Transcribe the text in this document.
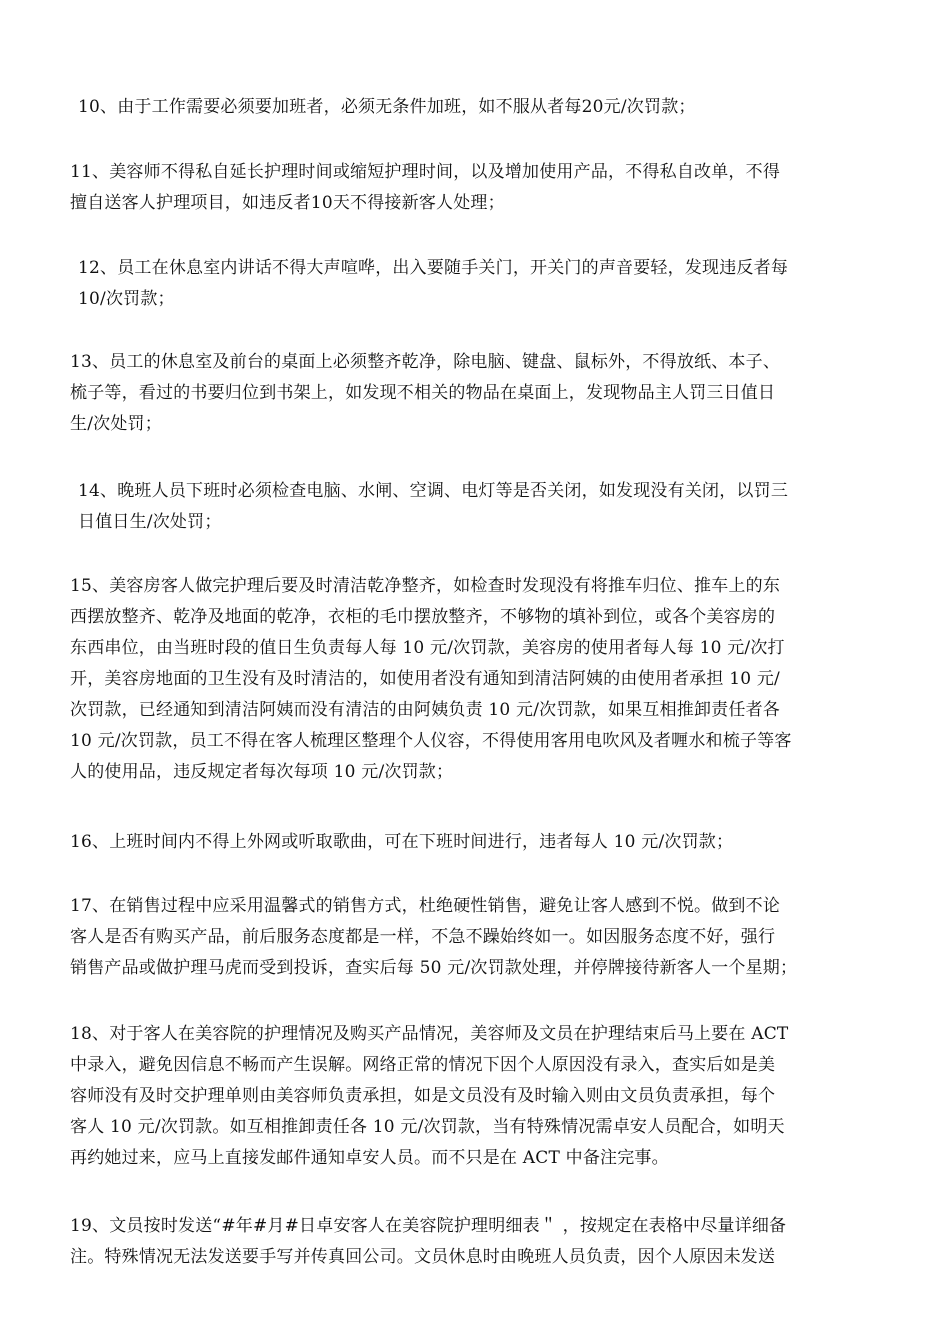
10、由于工作需要必须要加班者，必须无条件加班，如不服从者每20元/次罚款；
11、美容师不得私自延长护理时间或缩短护理时间，以及增加使用产品，不得私自改单，不得
擅自送客人护理项目，如违反者10天不得接新客人处理；
12、员工在休息室内讲话不得大声喧哗，出入要随手关门，开关门的声音要轻，发现违反者每
10/次罚款；
13、员工的休息室及前台的桌面上必须整齐乾净，除电脑、键盘、鼠标外，不得放纸、本子、
梳子等，看过的书要归位到书架上，如发现不相关的物品在桌面上，发现物品主人罚三日值日
生/次处罚；
14、晚班人员下班时必须检查电脑、水闸、空调、电灯等是否关闭，如发现没有关闭，以罚三
日值日生/次处罚；
15、美容房客人做完护理后要及时清洁乾净整齐，如检查时发现没有将推车归位、推车上的东
西摆放整齐、乾净及地面的乾净，衣柜的毛巾摆放整齐，不够物的填补到位，或各个美容房的
东西串位，由当班时段的值日生负责每人每 10 元/次罚款，美容房的使用者每人每 10 元/次打
开，美容房地面的卫生没有及时清洁的，如使用者没有通知到清洁阿姨的由使用者承担 10 元/
次罚款，已经通知到清洁阿姨而没有清洁的由阿姨负责 10 元/次罚款，如果互相推卸责任者各
10 元/次罚款，员工不得在客人梳理区整理个人仪容，不得使用客用电吹风及者喱水和梳子等客
人的使用品，违反规定者每次每项 10 元/次罚款；
16、上班时间内不得上外网或听取歌曲，可在下班时间进行，违者每人 10 元/次罚款；
17、在销售过程中应采用温馨式的销售方式，杜绝硬性销售，避免让客人感到不悦。做到不论
客人是否有购买产品，前后服务态度都是一样，不急不躁始终如一。如因服务态度不好，强行
销售产品或做护理马虎而受到投诉，查实后每 50 元/次罚款处理，并停牌接待新客人一个星期；
18、对于客人在美容院的护理情况及购买产品情况，美容师及文员在护理结束后马上要在 ACT
中录入，避免因信息不畅而产生误解。网络正常的情况下因个人原因没有录入，查实后如是美
容师没有及时交护理单则由美容师负责承担，如是文员没有及时输入则由文员负责承担，每个
客人 10 元/次罚款。如互相推卸责任各 10 元/次罚款，当有特殊情况需卓安人员配合，如明天
再约她过来，应马上直接发邮件通知卓安人员。而不只是在 ACT 中备注完事。
19、文员按时发送“#年#月#日卓安客人在美容院护理明细表＂ ，按规定在表格中尽量详细备
注。特殊情况无法发送要手写并传真回公司。文员休息时由晚班人员负责，因个人原因未发送
